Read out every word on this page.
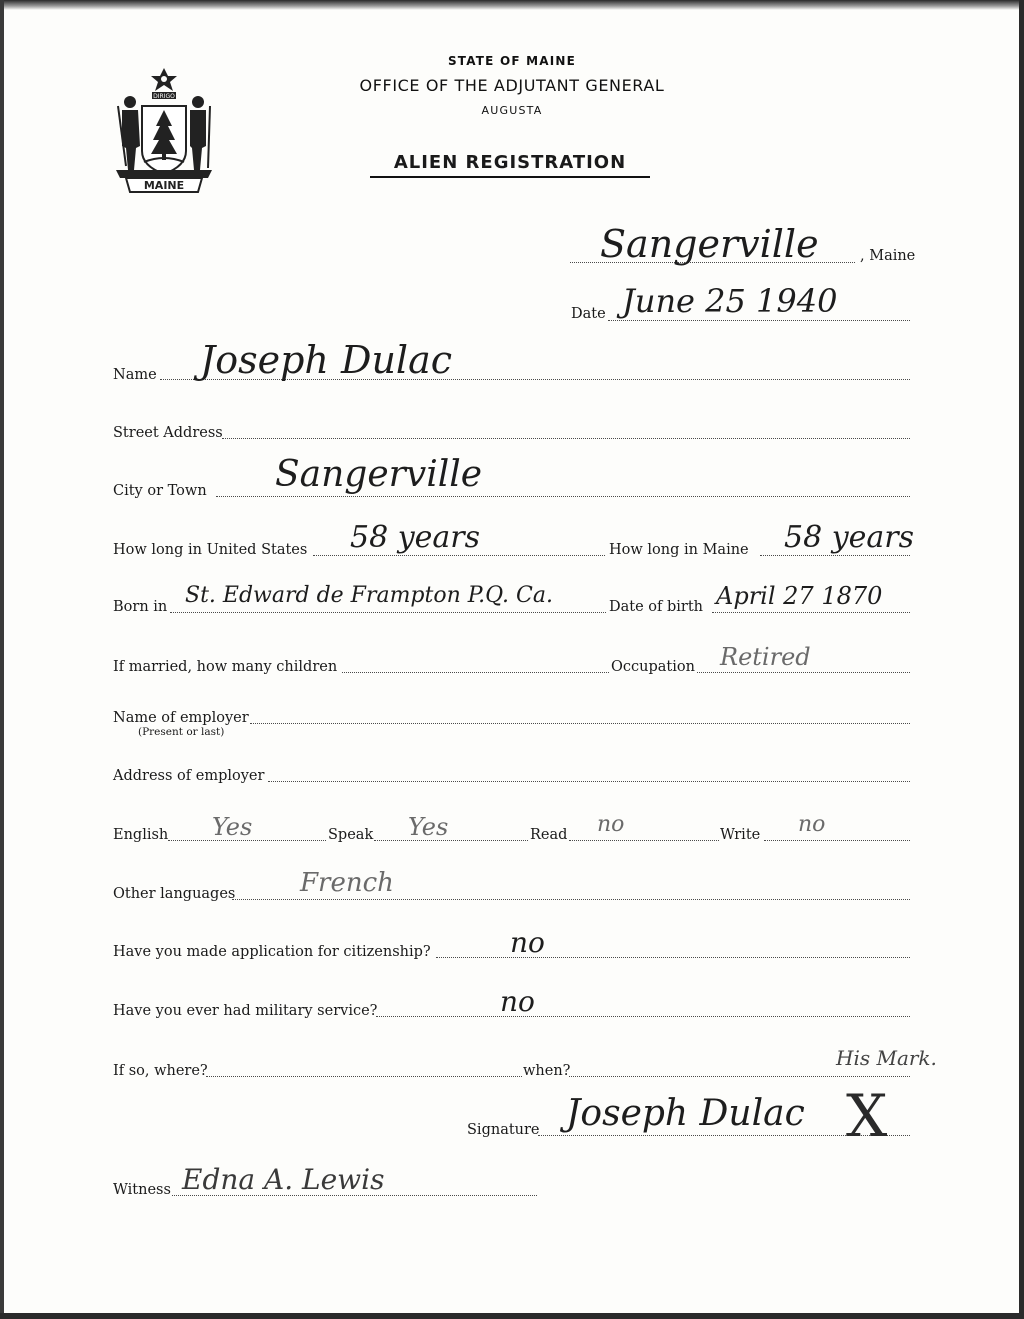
DIRIGO
MAINE
STATE OF MAINE
OFFICE OF THE ADJUTANT GENERAL
AUGUSTA
ALIEN REGISTRATION
Sangerville	, Maine
Date June 25 1940
Name Joseph Dulac
Street Address
City or Town Sangerville
How long in United States 58 years	How long in Maine 58 years
Born in St. Edward de Frampton P.Q. Ca.	Date of birth April 27 1870
If married, how many children	Occupation Retired
Name of employer
(Present or last)
Address of employer
English Yes	Speak Yes	Read no	Write no
Other languages French
Have you made application for citizenship?	no
Have you ever had military service?	no
If so, where?	when?
His Mark.
Signature Joseph Dulac X
Witness Edna A. Lewis
